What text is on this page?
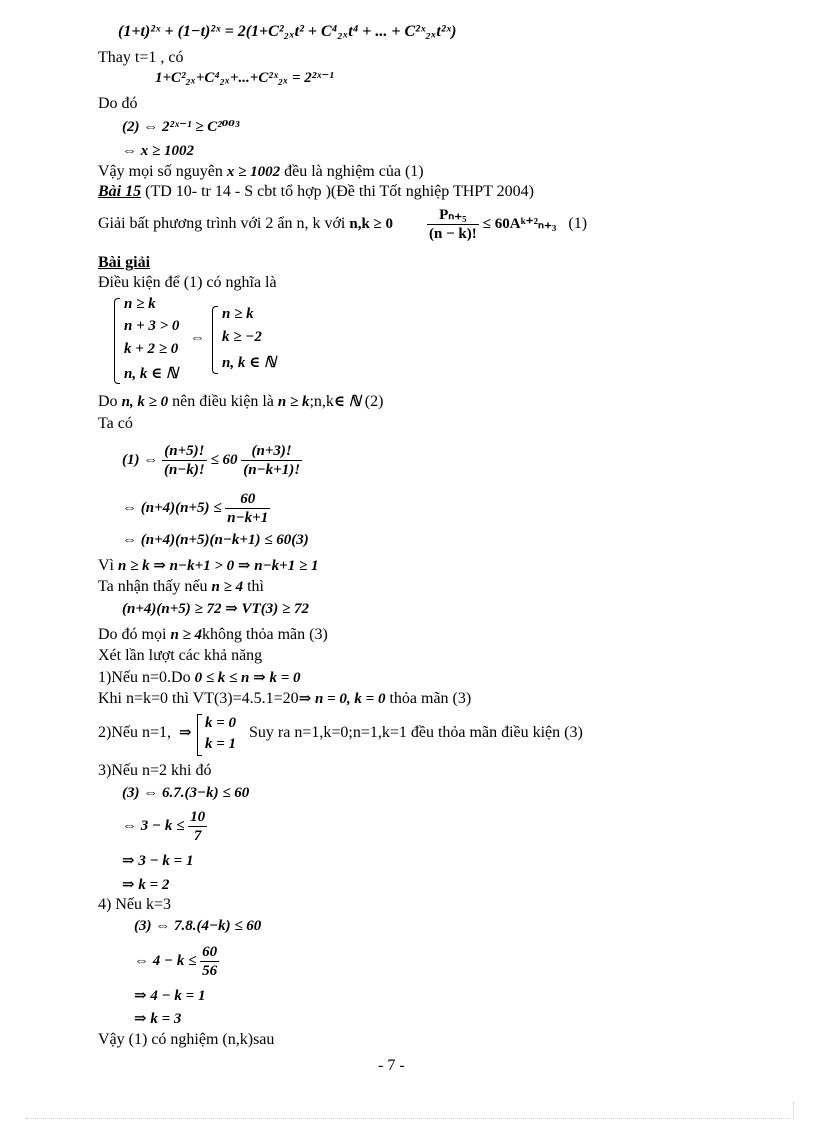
(1+t)²ˣ + (1−t)²ˣ = 2(1+C²₂ₓt² + C⁴₂ₓt⁴ + ... + C²ˣ₂ₓt²ˣ)
Thay t=1 , có
1+C²₂ₓ+C⁴₂ₓ+...+C²ˣ₂ₓ = 2²ˣ⁻¹
Do đó
(2) ⇔ 2²ˣ⁻¹ ≥ C²⁰⁰³
⇔ x ≥ 1002
Vậy mọi số nguyên x ≥ 1002 đều là nghiệm của (1)
Bài 15 (TD 10- tr 14 - S cbt tổ hợp )(Đề thi Tốt nghiệp THPT 2004)
Giải bất phương trình với 2 ẩn n, k với $n,k \ge 0 \frac{\text{Pₙ₊₅}}{(n - k)!}$ ≤ 60Aᵏ⁺²ₙ₊₃ (1)
Bài giải
Điều kiện để (1) có nghĩa là
n ≥ k
n + 3 > 0
k + 2 ≥ 0
n, k ∈ ℕ
⇔
n ≥ k
k ≥ −2
n, k ∈ ℕ
Do n, k ≥ 0 nên điều kiện là n ≥ k;n,k∈ ℕ (2)
Ta có
(1) ⇔ $\frac{(n+5)!}{(n-k)!} \le 60 \frac{(n+3)!}{(n-k+1)!}$
⇔ $(n+4)(n+5) \le \frac{60}{n-k+1}$
⇔ (n+4)(n+5)(n−k+1) ≤ 60(3)
Vì n ≥ k ⇒ n−k+1 > 0 ⇒ n−k+1 ≥ 1
Ta nhận thấy nếu n ≥ 4 thì
(n+4)(n+5) ≥ 72 ⇒ VT(3) ≥ 72
Do đó mọi n ≥ 4không thỏa mãn (3)
Xét lần lượt các khả năng
1)Nếu n=0.Do 0 ≤ k ≤ n ⇒ k = 0
Khi n=k=0 thì VT(3)=4.5.1=20⇒ n = 0, k = 0 thỏa mãn (3)
2)Nếu n=1, ⇒
k = 0
k = 1
Suy ra n=1,k=0;n=1,k=1 đều thỏa mãn điều kiện (3)
3)Nếu n=2 khi đó
(3) ⇔ 6.7.(3−k) ≤ 60
⇔ $3 - k \le \frac{10}{7}$
⇒ 3 − k = 1
⇒ k = 2
4) Nếu k=3
(3) ⇔ 7.8.(4−k) ≤ 60
⇔ $4 - k \le \frac{60}{56}$
⇒ 4 − k = 1
⇒ k = 3
Vậy (1) có nghiệm (n,k)sau
- 7 -
